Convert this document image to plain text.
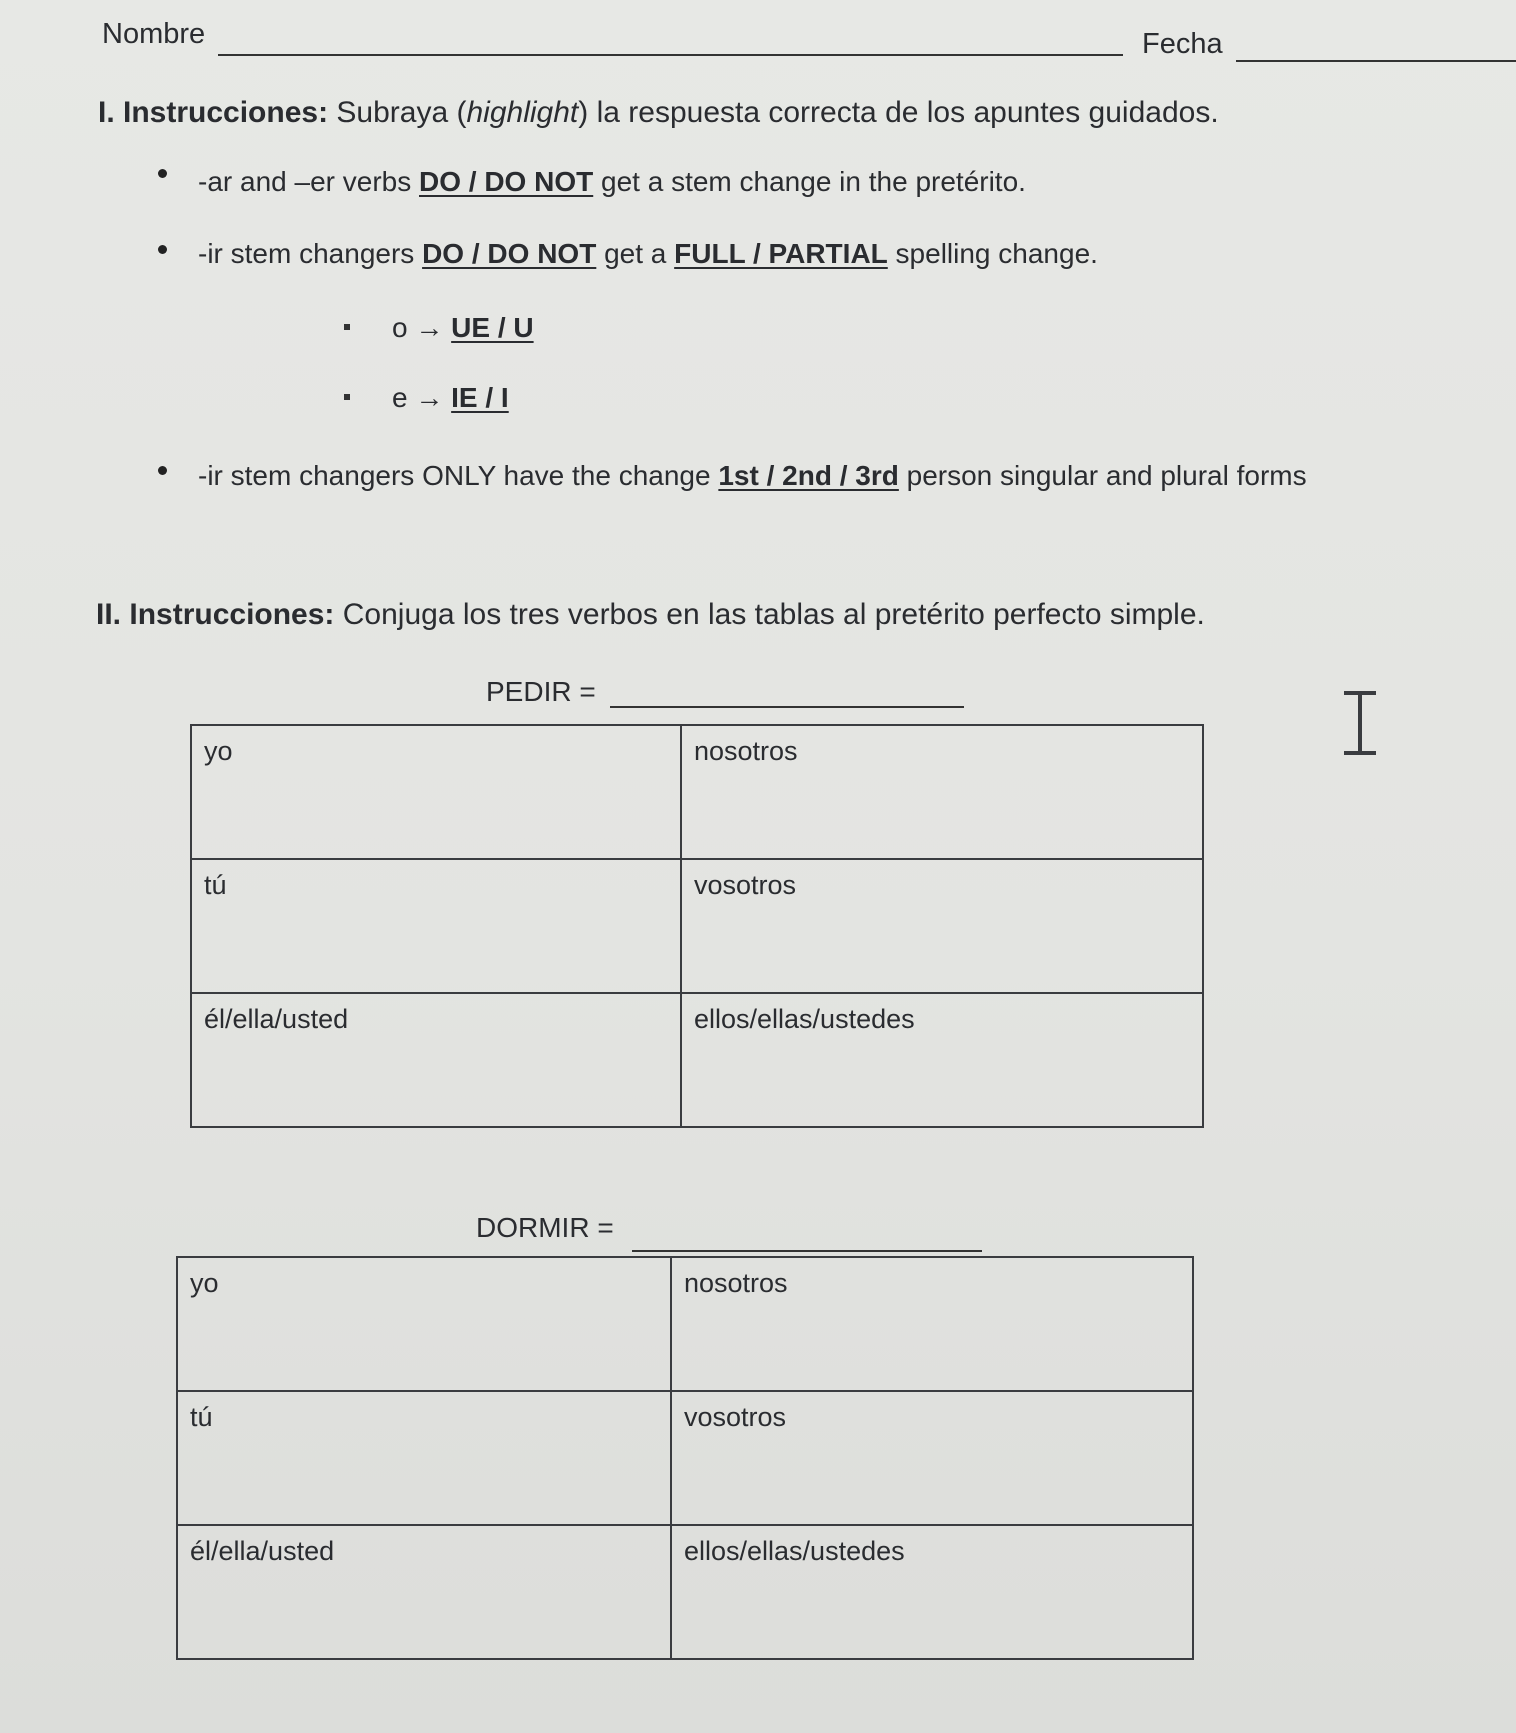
Nombre	Fecha
I. Instrucciones: Subraya (highlight) la respuesta correcta de los apuntes guidados.
-ar and –er verbs DO / DO NOT get a stem change in the pretérito.
-ir stem changers DO / DO NOT get a FULL / PARTIAL spelling change.
o → UE / U
e → IE / I
-ir stem changers ONLY have the change 1st / 2nd / 3rd person singular and plural forms
II. Instrucciones: Conjuga los tres verbos en las tablas al pretérito perfecto simple.
PEDIR =
yo	nosotros
tú	vosotros
él/ella/usted	ellos/ellas/ustedes
DORMIR =
yo	nosotros
tú	vosotros
él/ella/usted	ellos/ellas/ustedes
